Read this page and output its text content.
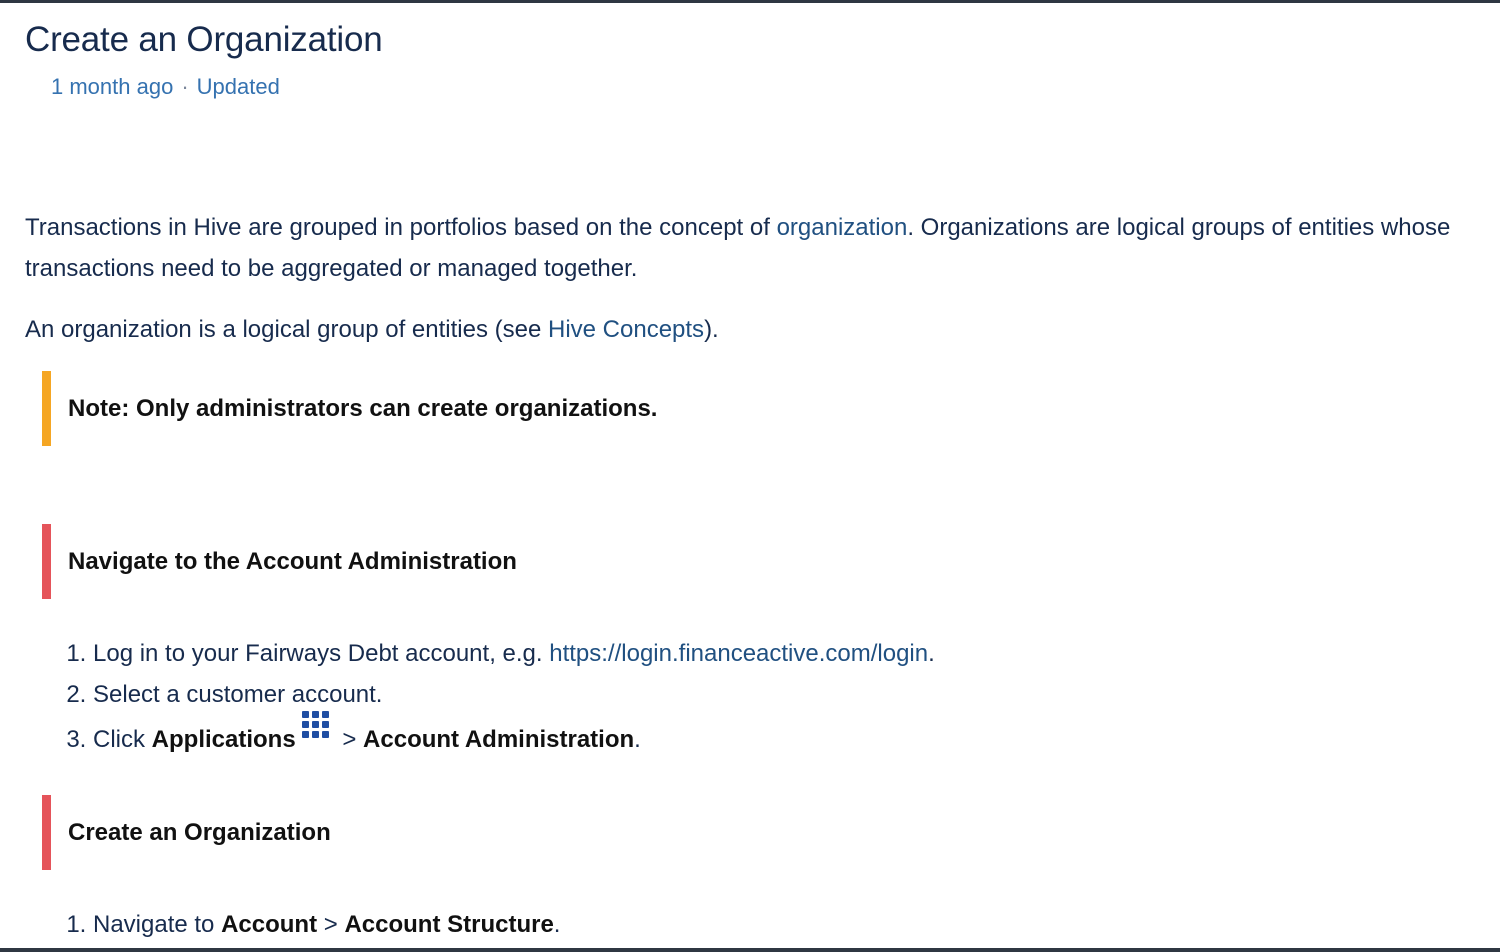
Create an Organization
1 month ago · Updated

Transactions in Hive are grouped in portfolios based on the concept of organization. Organizations are logical groups of entities whose transactions need to be aggregated or managed together.

An organization is a logical group of entities (see Hive Concepts).

Note: Only administrators can create organizations.
Navigate to the Account Administration
1. Log in to your Fairways Debt account, e.g. https://login.financeactive.com/login.
2. Select a customer account.
3. Click Applications
> Account Administration.
Create an Organization
1. Navigate to Account > Account Structure.
